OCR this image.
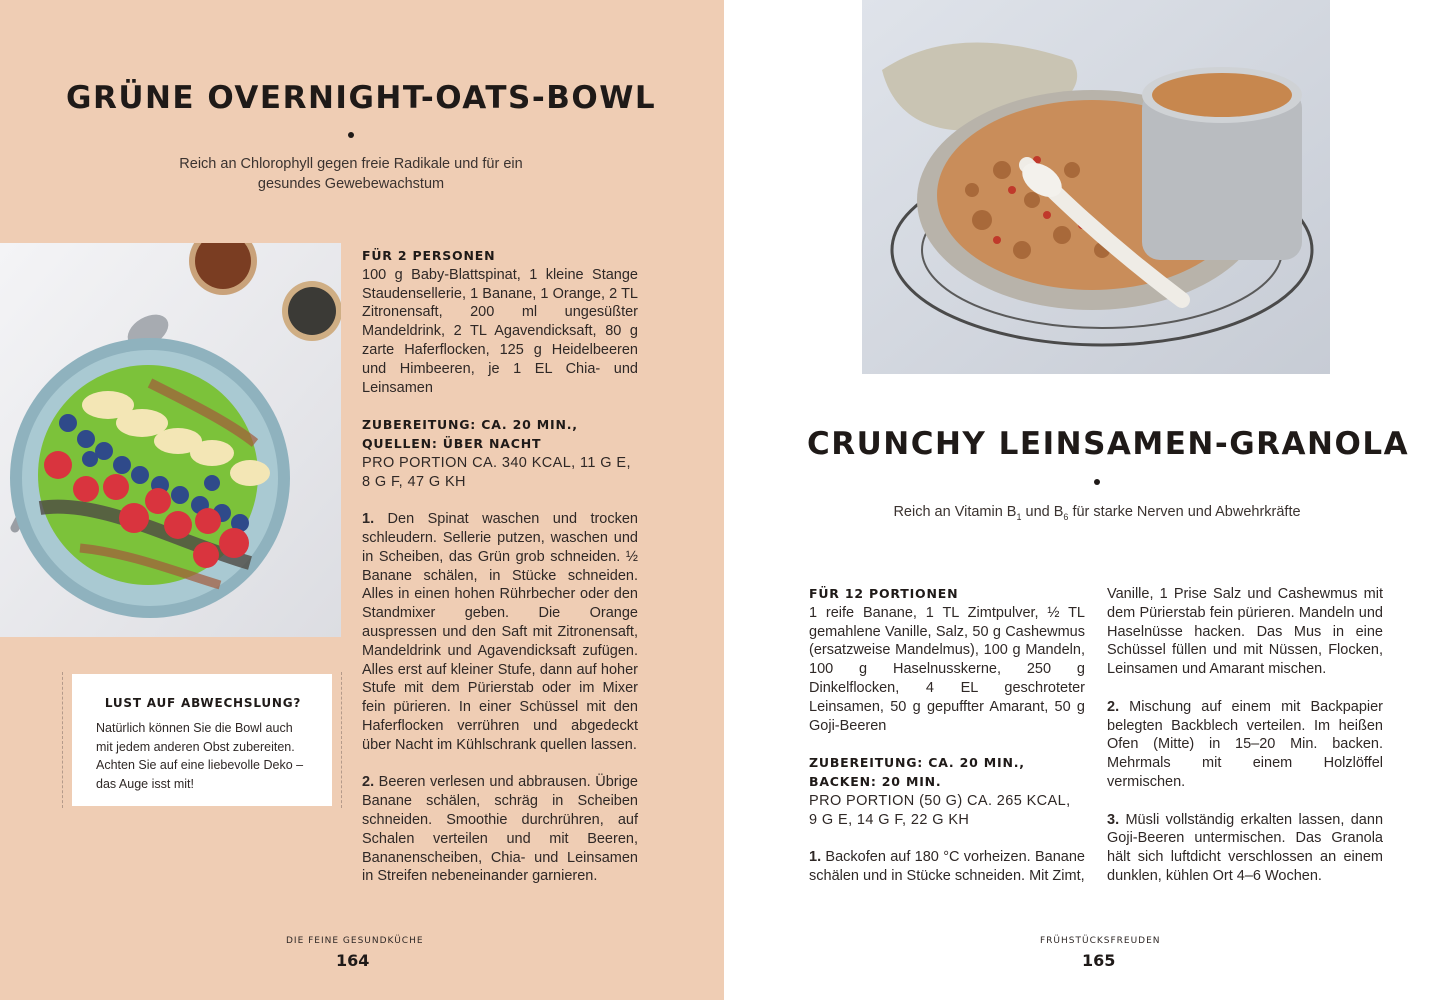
GRÜNE OVERNIGHT-OATS-BOWL
Reich an Chlorophyll gegen freie Radikale und für ein
gesundes Gewebewachstum
FÜR 2 PERSONEN

100 g Baby-Blattspinat, 1 kleine Stange Staudensellerie, 1 Banane, 1 Orange, 2 TL Zitronensaft, 200 ml ungesüßter Mandeldrink, 2 TL Agavendicksaft, 80 g zarte Haferflocken, 125 g Heidelbeeren und Himbeeren, je 1 EL Chia- und Leinsamen

ZUBEREITUNG: CA. 20 MIN.,
QUELLEN: ÜBER NACHT
PRO PORTION CA. 340 KCAL, 11 G E,
8 G F, 47 G KH

1. Den Spinat waschen und trocken schleudern. Sellerie putzen, waschen und in Scheiben, das Grün grob schneiden. ½ Banane schälen, in Stücke schneiden. Alles in einen hohen Rührbecher oder den Standmixer geben. Die Orange auspressen und den Saft mit Zitronensaft, Mandeldrink und Agavendicksaft zufügen. Alles erst auf kleiner Stufe, dann auf hoher Stufe mit dem Pürierstab oder im Mixer fein pürieren. In einer Schüssel mit den Haferflocken verrühren und abgedeckt über Nacht im Kühlschrank quellen lassen.

2. Beeren verlesen und abbrausen. Übrige Banane schälen, schräg in Scheiben schneiden. Smoothie durchrühren, auf Schalen verteilen und mit Beeren, Bananenscheiben, Chia- und Leinsamen in Streifen nebeneinander garnieren.

LUST AUF ABWECHSLUNG?
Natürlich können Sie die Bowl auch mit jedem anderen Obst zubereiten. Achten Sie auf eine liebevolle Deko – das Auge isst mit!
DIE FEINE GESUNDKÜCHE
164
CRUNCHY LEINSAMEN-GRANOLA
Reich an Vitamin $B_1$ und $B_6$ für starke Nerven und Abwehrkräfte
FÜR 12 PORTIONEN

1 reife Banane, 1 TL Zimtpulver, ½ TL gemahlene Vanille, Salz, 50 g Cashewmus (ersatzweise Mandelmus), 100 g Mandeln, 100 g Haselnusskerne, 250 g Dinkelflocken, 4 EL geschroteter Leinsamen, 50 g gepuffter Amarant, 50 g Goji-Beeren

ZUBEREITUNG: CA. 20 MIN.,
BACKEN: 20 MIN.
PRO PORTION (50 G) CA. 265 KCAL,
9 G E, 14 G F, 22 G KH

1. Backofen auf 180 °C vorheizen. Banane schälen und in Stücke schneiden. Mit Zimt,

Vanille, 1 Prise Salz und Cashewmus mit dem Pürierstab fein pürieren. Mandeln und Haselnüsse hacken. Das Mus in eine Schüssel füllen und mit Nüssen, Flocken, Leinsamen und Amarant mischen.

2. Mischung auf einem mit Backpapier belegten Backblech verteilen. Im heißen Ofen (Mitte) in 15–20 Min. backen. Mehrmals mit einem Holzlöffel vermischen.

3. Müsli vollständig erkalten lassen, dann Goji-Beeren untermischen. Das Granola hält sich luftdicht verschlossen an einem dunklen, kühlen Ort 4–6 Wochen.

FRÜHSTÜCKSFREUDEN
165
